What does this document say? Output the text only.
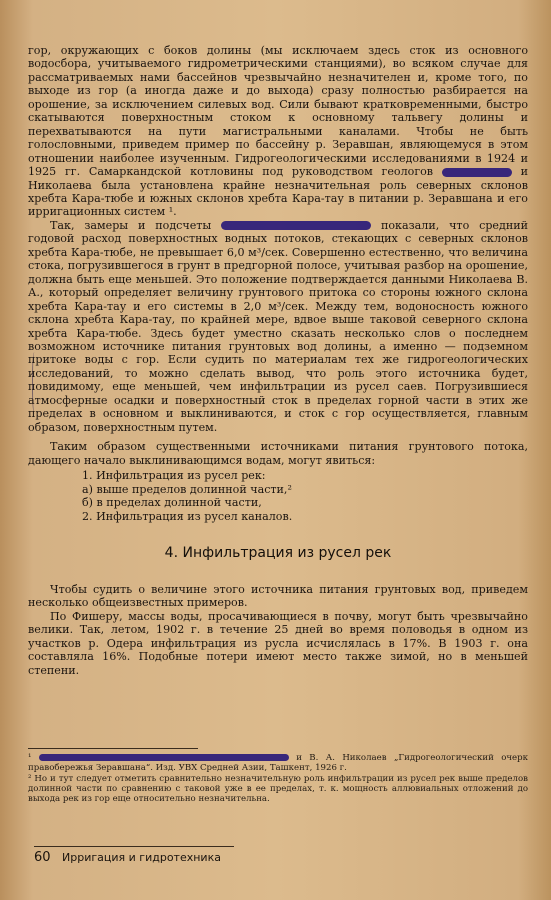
гор, окружающих с боков долины (мы исключаем здесь сток из основного водосбора, учитываемого гидрометрическими станциями), во всяком случае для рассматриваемых нами бассейнов чрезвычайно незначителен и, кроме того, по выходе из гор (а иногда даже и до выхода) сразу полностью разбирается на орошение, за исключением силевых вод. Сили бывают кратковременными, быстро скатываются поверхностным стоком к основному тальвегу долины и перехватываются на пути магистральными каналами. Чтобы не быть голословными, приведем пример по бассейну р. Зеравшан, являющемуся в этом отношении наиболее изученным. Гидрогеологическими исследованиями в 1924 и 1925 гг. Самаркандской котловины под руководством геологов	и Николаева была установлена крайне незначительная роль северных склонов хребта Кара-тюбе и южных склонов хребта Кара-тау в питании р. Зеравшана и его ирригационных систем ¹.

Так, замеры и подсчеты	показали, что средний годовой расход поверхностных водных потоков, стекающих с северных склонов хребта Кара-тюбе, не превышает 6,0 м³/сек. Совершенно естественно, что величина стока, погрузившегося в грунт в предгорной полосе, учитывая разбор на орошение, должна быть еще меньшей. Это положение подтверждается данными Николаева В. А., который определяет величину грунтового притока со стороны южного склона хребта Кара-тау и его системы в 2,0 м³/сек. Между тем, водоносность южного склона хребта Кара-тау, по крайней мере, вдвое выше таковой северного склона хребта Кара-тюбе. Здесь будет уместно сказать несколько слов о последнем возможном источнике питания грунтовых вод долины, а именно — подземном притоке воды с гор. Если судить по материалам тех же гидрогеологических исследований, то можно сделать вывод, что роль этого источника будет, повидимому, еще меньшей, чем инфильтрации из русел саев. Погрузившиеся атмосферные осадки и поверхностный сток в пределах горной части в этих же пределах в основном и выклиниваются, и сток с гор осуществляется, главным образом, поверхностным путем.

Таким образом существенными источниками питания грунтового потока, дающего начало выклинивающимся водам, могут явиться:

1. Инфильтрация из русел рек:
а) выше пределов долинной части,²
б) в пределах долинной части,
2. Инфильтрация из русел каналов.
4. Инфильтрация из русел рек

Чтобы судить о величине этого источника питания грунтовых вод, приведем несколько общеизвестных примеров.

По Фишеру, массы воды, просачивающиеся в почву, могут быть чрезвычайно велики. Так, летом, 1902 г. в течение 25 дней во время половодья в одном из участков р. Одера инфильтрация из русла исчислялась в 17%. В 1903 г. она составляла 16%. Подобные потери имеют место также зимой, но в меньшей степени.

¹	и В. А. Николаев „Гидрогеологический очерк правобережья Зеравшана“. Изд. УВХ Средней Азии, Ташкент, 1926 г.

² Но и тут следует отметить сравнительно незначительную роль инфильтрации из русел рек выше пределов долинной части по сравнению с таковой уже в ее пределах, т. к. мощность аллювиальных отложений до выхода рек из гор еще относительно незначительна.

60 Ирригация и гидротехника
